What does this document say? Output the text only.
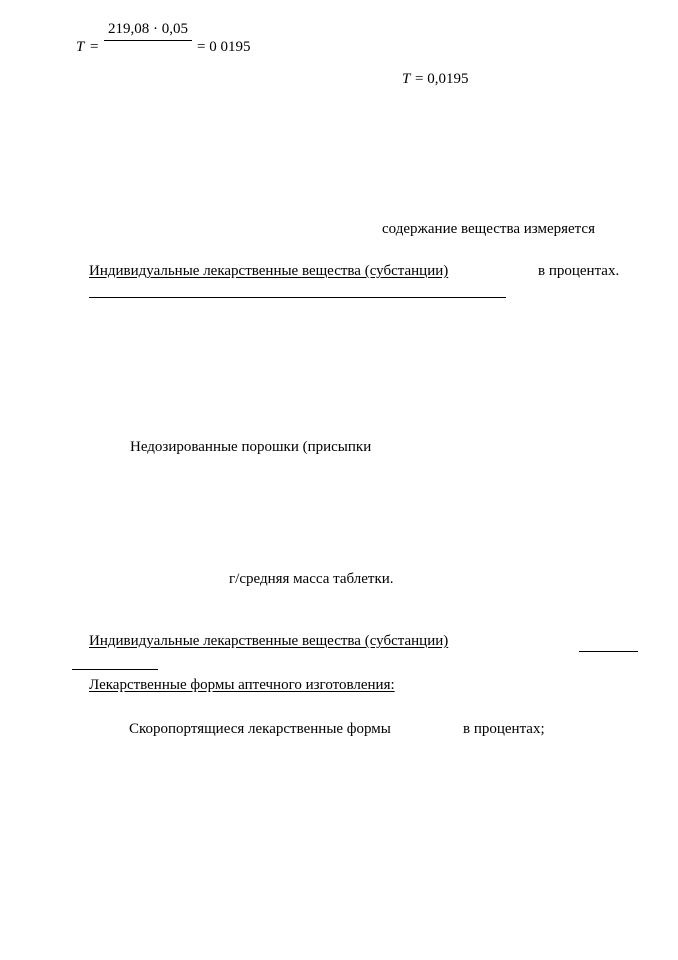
T =
219,08 · 0,05
= 0 0195
T = 0,0195
содержание вещества измеряется
Индивидуальные лекарственные вещества (субстанции)	в процентах.
Недозированные порошки (присыпки
г/средняя масса таблетки.
Индивидуальные лекарственные вещества (субстанции)
Лекарственные формы аптечного изготовления:
Скоропортящиеся лекарственные формы	в процентах;
